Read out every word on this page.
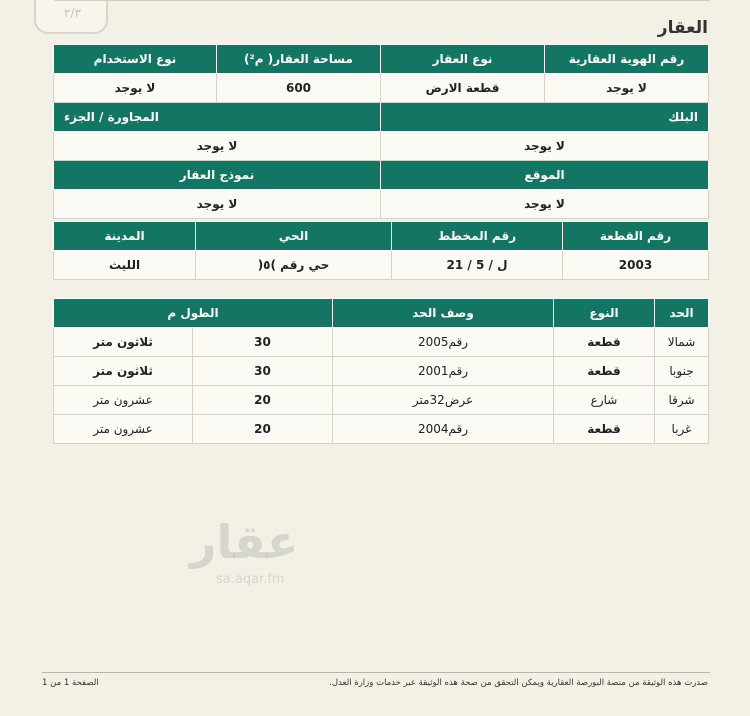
٢/٣
العقار
رقم الهوية العقارية	نوع العقار	مساحة العقار( م²)	نوع الاستخدام
لا يوجد	قطعة الارض	600	لا يوجد
البلك		المجاورة / الجزء	
لا يوجد		لا يوجد	
الموقع		نموذج العقار	
لا يوجد		لا يوجد	
رقم القطعة	رقم المخطط	الحي	المدينة
2003	ل / 5 / 21	حي رقم )٥(	الليث
الحد	النوع	وصف الحد	الطول م	
شمالا	قطعة	رقم2005	30	ثلاثون متر
جنوبا	قطعة	رقم2001	30	ثلاثون متر
شرقا	شارع	عرض32متر	20	عشرون متر
غربا	قطعة	رقم2004	20	عشرون متر
عقار
sa.aqar.fm
صدرت هذه الوثيقة من منصة البورصة العقارية ويمكن التحقق من صحة هذه الوثيقة عبر خدمات وزارة العدل.
الصفحة 1 من 1
